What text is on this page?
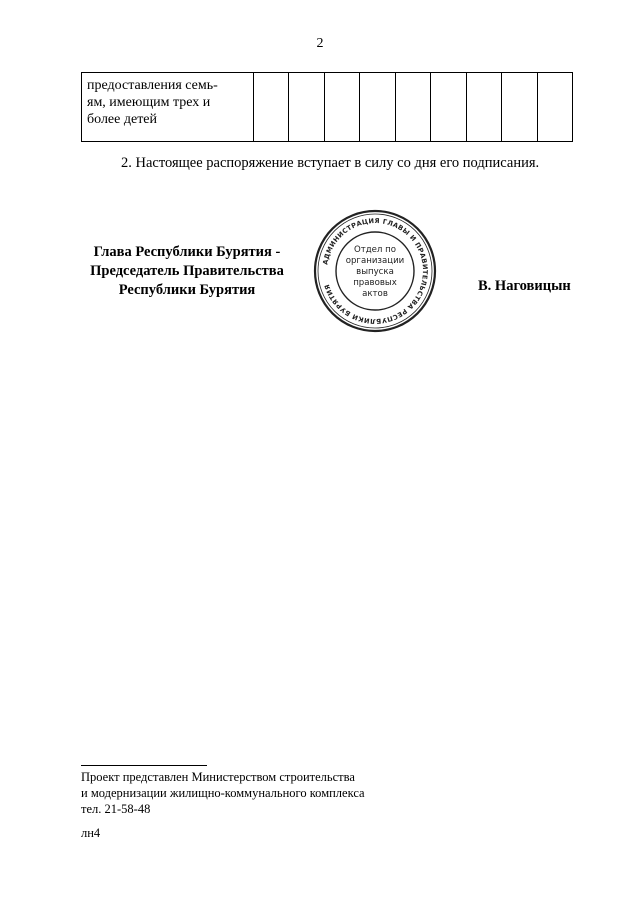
2
предоставления семь-
ям, имеющим трех и
более детей

2. Настоящее распоряжение вступает в силу со дня его подписания.
Глава Республики Бурятия -
Председатель Правительства
Республики Бурятия
АДМИНИСТРАЦИЯ ГЛАВЫ И ПРАВИТЕЛЬСТВА РЕСПУБЛИКИ БУРЯТИЯ
Отдел по
организации
выпуска
правовых
актов	В. Наговицын
Проект представлен Министерством строительства
и модернизации жилищно-коммунального комплекса
тел. 21-58-48
лн4
